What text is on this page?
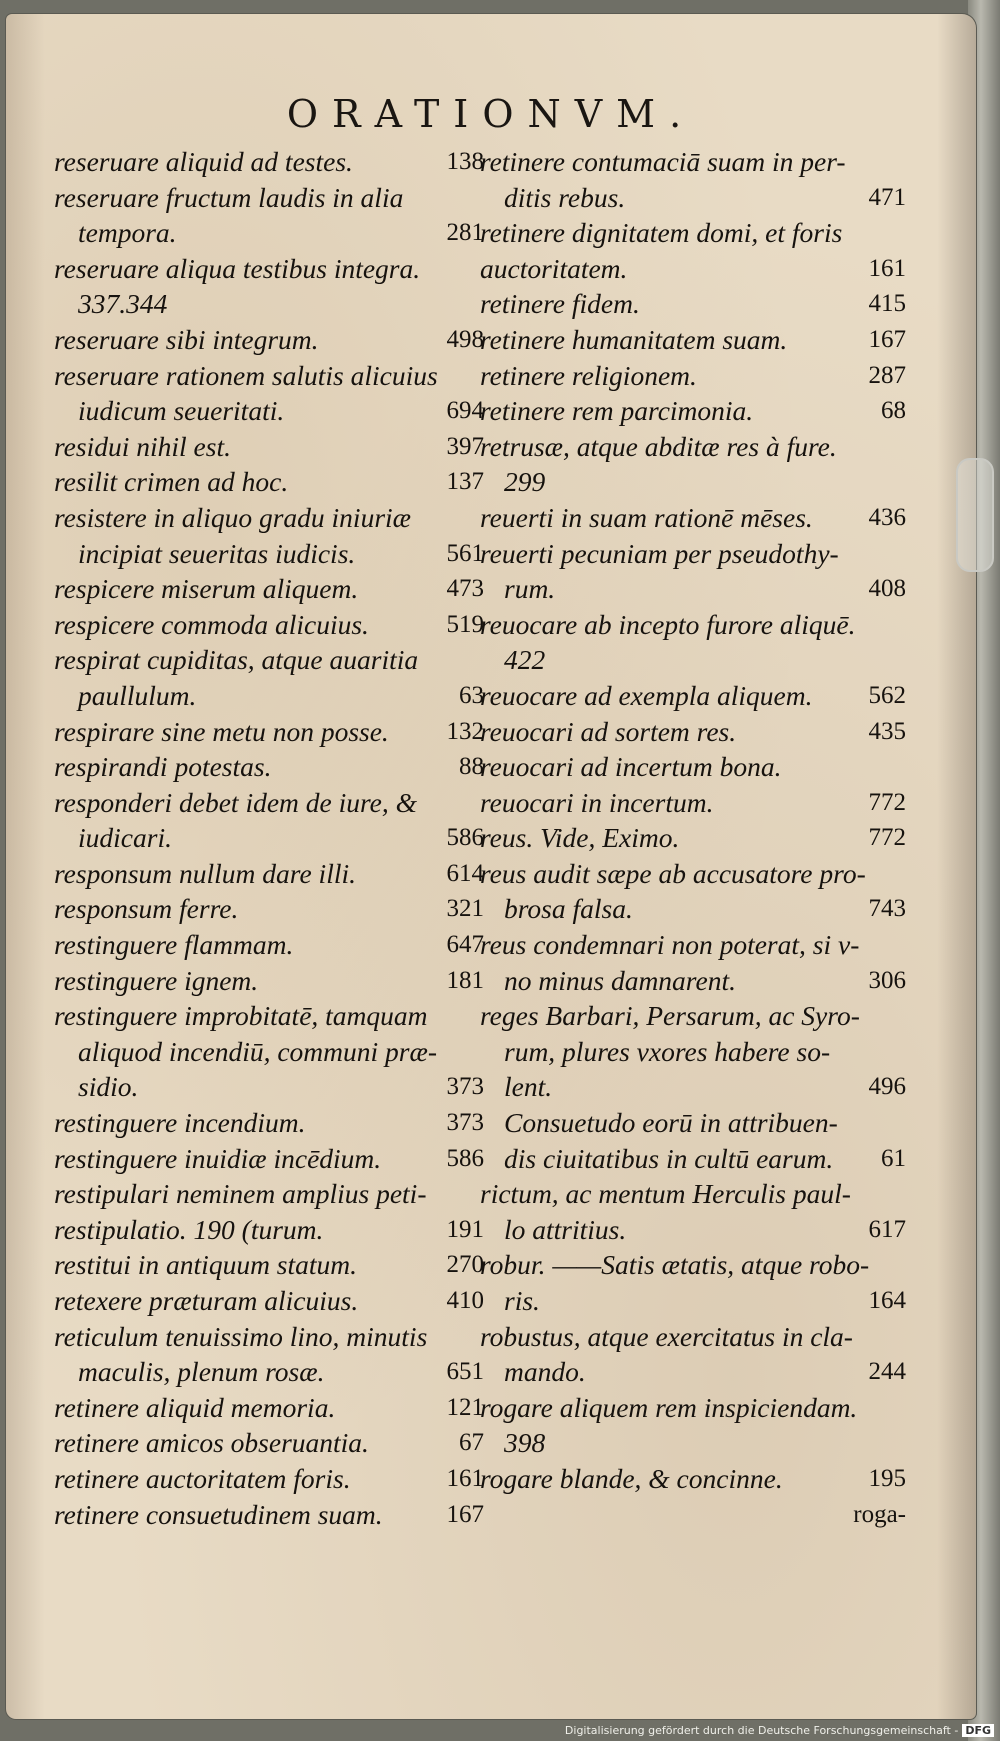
ORATIONVM.
reseruare aliquid ad testes.	138
reseruare fructum laudis in alia
tempora.	281
reseruare aliqua testibus integra.
337.344
reseruare sibi integrum.	498
reseruare rationem salutis alicuius
iudicum seueritati.	694
residui nihil est.	397
resilit crimen ad hoc.	137
resistere in aliquo gradu iniuriæ
incipiat seueritas iudicis.	561
respicere miserum aliquem.	473
respicere commoda alicuius.	519
respirat cupiditas, atque auaritia
paullulum.	63
respirare sine metu non posse. 132
respirandi potestas.	88
responderi debet idem de iure, &
iudicari.	586
responsum nullum dare illi.	614
responsum ferre.	321
restinguere flammam.	647
restinguere ignem.	181
restinguere improbitatē, tamquam
aliquod incendiū, communi præ-
sidio.	373
restinguere incendium.	373
restinguere inuidiæ incēdium.	586
restipulari neminem amplius peti-
restipulatio. 190 (turum.	191
restitui in antiquum statum.	270
retexere præturam alicuius.	410
reticulum tenuissimo lino, minutis
maculis, plenum rosæ.	651
retinere aliquid memoria.	121
retinere amicos obseruantia.	67
retinere auctoritatem foris.	161
retinere consuetudinem suam.	167
retinere contumaciā suam in per-
ditis rebus.	471
retinere dignitatem domi, et foris
auctoritatem.	161
retinere fidem.	415
retinere humanitatem suam.	167
retinere religionem.	287
retinere rem parcimonia.	68
retrusæ, atque abditæ res à fure.
299
reuerti in suam rationē mēses. 436
reuerti pecuniam per pseudothy-
rum.	408
reuocare ab incepto furore aliquē.
422
reuocare ad exempla aliquem. 562
reuocari ad sortem res.	435
reuocari ad incertum bona.
reuocari in incertum.	772
reus. Vide, Eximo.	772
reus audit sæpe ab accusatore pro-
brosa falsa.	743
reus condemnari non poterat, si v-
no minus damnarent.	306
reges Barbari, Persarum, ac Syro-
rum, plures vxores habere so-
lent.	496
Consuetudo eorū in attribuen-
dis ciuitatibus in cultū earum. 61
rictum, ac mentum Herculis paul-
lo attritius.	617
robur. ——Satis ætatis, atque robo-
ris.	164
robustus, atque exercitatus in cla-
mando.	244
rogare aliquem rem inspiciendam.
398
rogare blande, & concinne.	195
roga-
Digitalisierung gefördert durch die Deutsche Forschungsgemeinschaft - DFG
